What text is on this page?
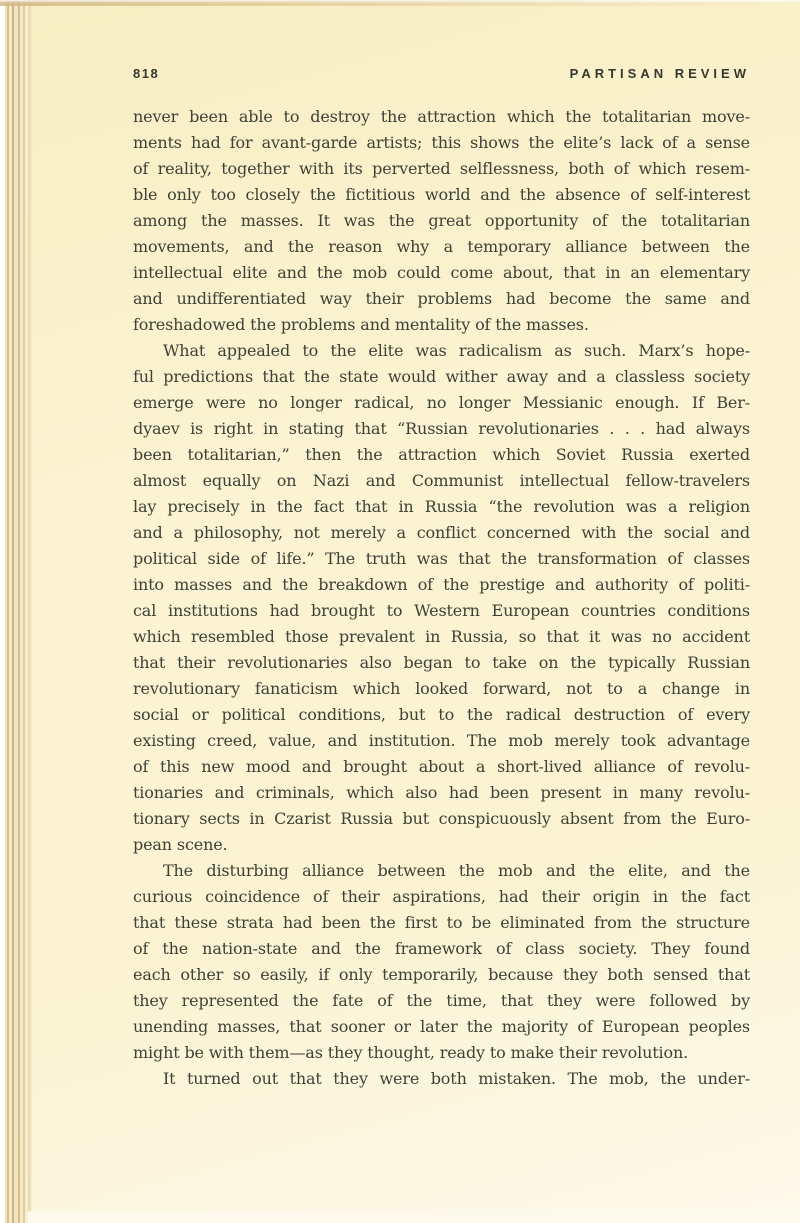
818	PARTISAN REVIEW
never been able to destroy the attraction which the totalitarian move-
ments had for avant-garde artists; this shows the elite’s lack of a sense
of reality, together with its perverted selflessness, both of which resem-
ble only too closely the fictitious world and the absence of self-interest
among the masses. It was the great opportunity of the totalitarian
movements, and the reason why a temporary alliance between the
intellectual elite and the mob could come about, that in an elementary
and undifferentiated way their problems had become the same and
foreshadowed the problems and mentality of the masses.
What appealed to the elite was radicalism as such. Marx’s hope-
ful predictions that the state would wither away and a classless society
emerge were no longer radical, no longer Messianic enough. If Ber-
dyaev is right in stating that “Russian revolutionaries . . . had always
been totalitarian,” then the attraction which Soviet Russia exerted
almost equally on Nazi and Communist intellectual fellow-travelers
lay precisely in the fact that in Russia “the revolution was a religion
and a philosophy, not merely a conflict concerned with the social and
political side of life.” The truth was that the transformation of classes
into masses and the breakdown of the prestige and authority of politi-
cal institutions had brought to Western European countries conditions
which resembled those prevalent in Russia, so that it was no accident
that their revolutionaries also began to take on the typically Russian
revolutionary fanaticism which looked forward, not to a change in
social or political conditions, but to the radical destruction of every
existing creed, value, and institution. The mob merely took advantage
of this new mood and brought about a short-lived alliance of revolu-
tionaries and criminals, which also had been present in many revolu-
tionary sects in Czarist Russia but conspicuously absent from the Euro-
pean scene.
The disturbing alliance between the mob and the elite, and the
curious coincidence of their aspirations, had their origin in the fact
that these strata had been the first to be eliminated from the structure
of the nation-state and the framework of class society. They found
each other so easily, if only temporarily, because they both sensed that
they represented the fate of the time, that they were followed by
unending masses, that sooner or later the majority of European peoples
might be with them—as they thought, ready to make their revolution.
It turned out that they were both mistaken. The mob, the under-
